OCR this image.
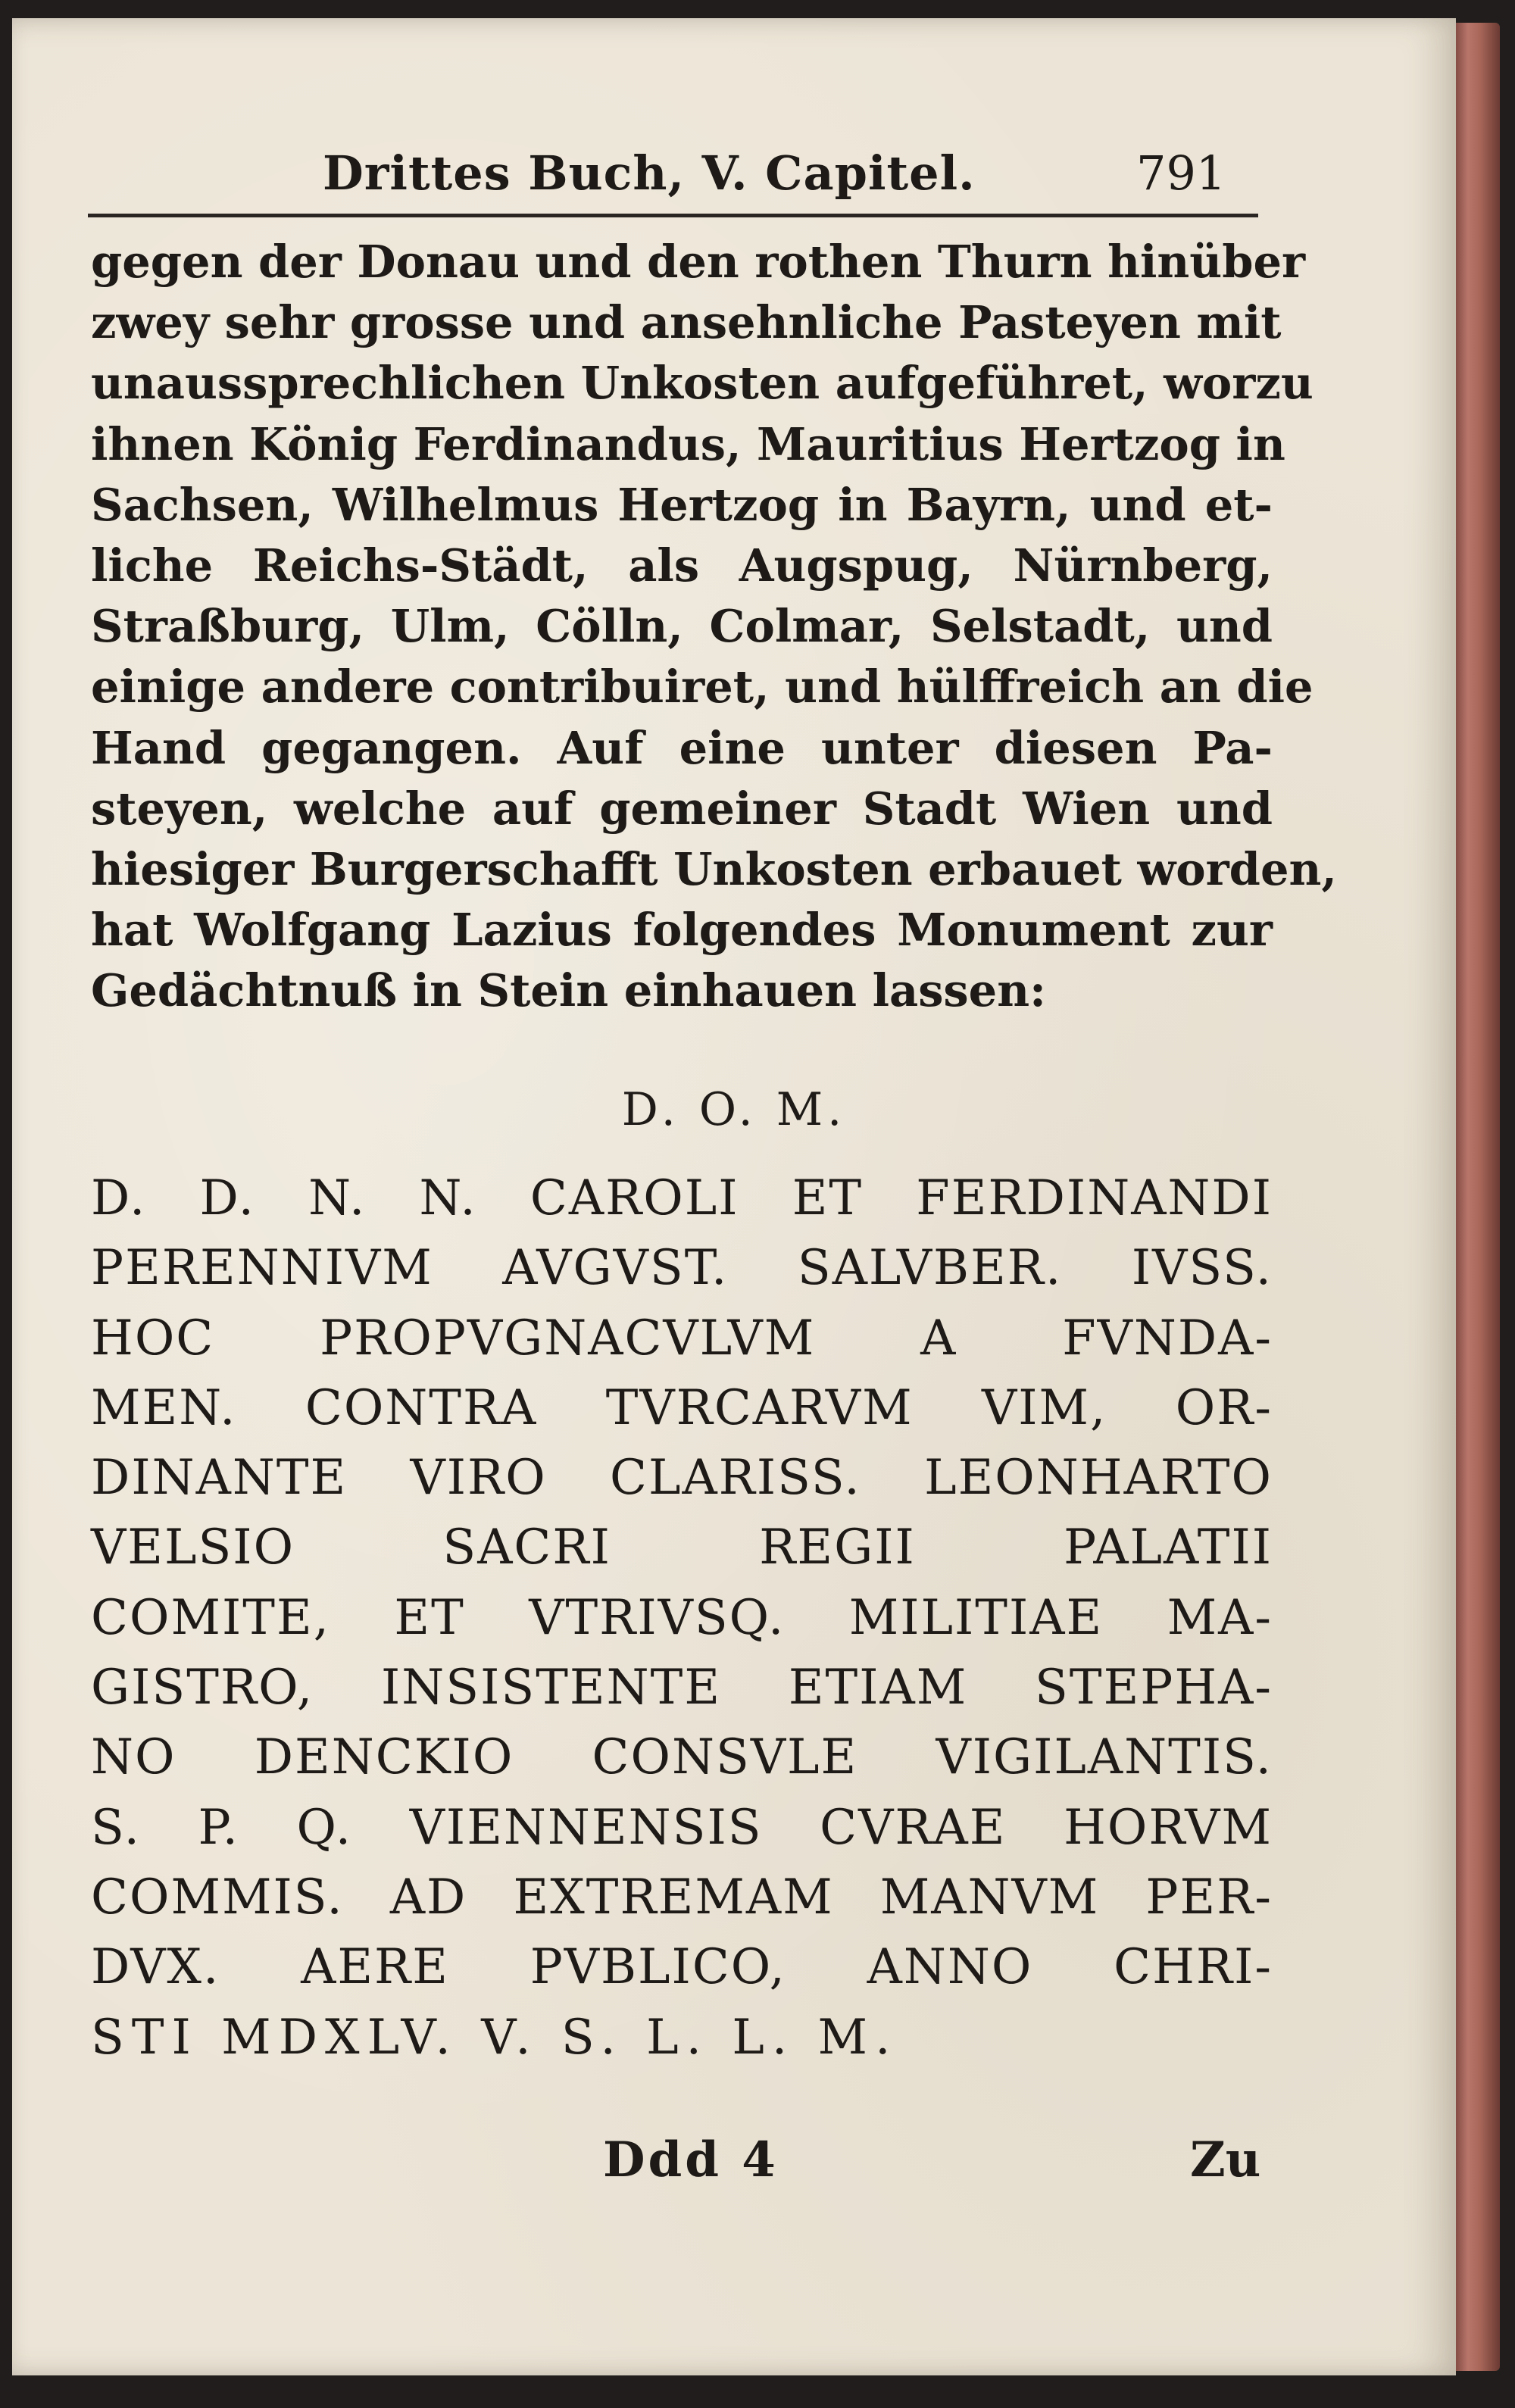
Drittes Buch, V. Capitel.	791
gegen der Donau und den rothen Thurn hinüber
zwey sehr grosse und ansehnliche Pasteyen mit
unaussprechlichen Unkosten aufgeführet, worzu
ihnen König Ferdinandus, Mauritius Hertzog in
Sachsen, Wilhelmus Hertzog in Bayrn, und et-
liche Reichs-Städt, als Augspug, Nürnberg,
Straßburg, Ulm, Cölln, Colmar, Selstadt, und
einige andere contribuiret, und hülffreich an die
Hand gegangen. Auf eine unter diesen Pa-
steyen, welche auf gemeiner Stadt Wien und
hiesiger Burgerschafft Unkosten erbauet worden,
hat Wolfgang Lazius folgendes Monument zur
Gedächtnuß in Stein einhauen lassen:
D. O. M.
D. D. N. N. CAROLI ET FERDINANDI
PERENNIVM AVGVST. SALVBER. IVSS.
HOC PROPVGNACVLVM A FVNDA-
MEN. CONTRA TVRCARVM VIM, OR-
DINANTE VIRO CLARISS. LEONHARTO
VELSIO SACRI REGII PALATII
COMITE, ET VTRIVSQ. MILITIAE MA-
GISTRO, INSISTENTE ETIAM STEPHA-
NO DENCKIO CONSVLE VIGILANTIS.
S. P. Q. VIENNENSIS CVRAE HORVM
COMMIS. AD EXTREMAM MANVM PER-
DVX. AERE PVBLICO, ANNO CHRI-
STI MDXLV. V. S. L. L. M.
Ddd 4	Zu
